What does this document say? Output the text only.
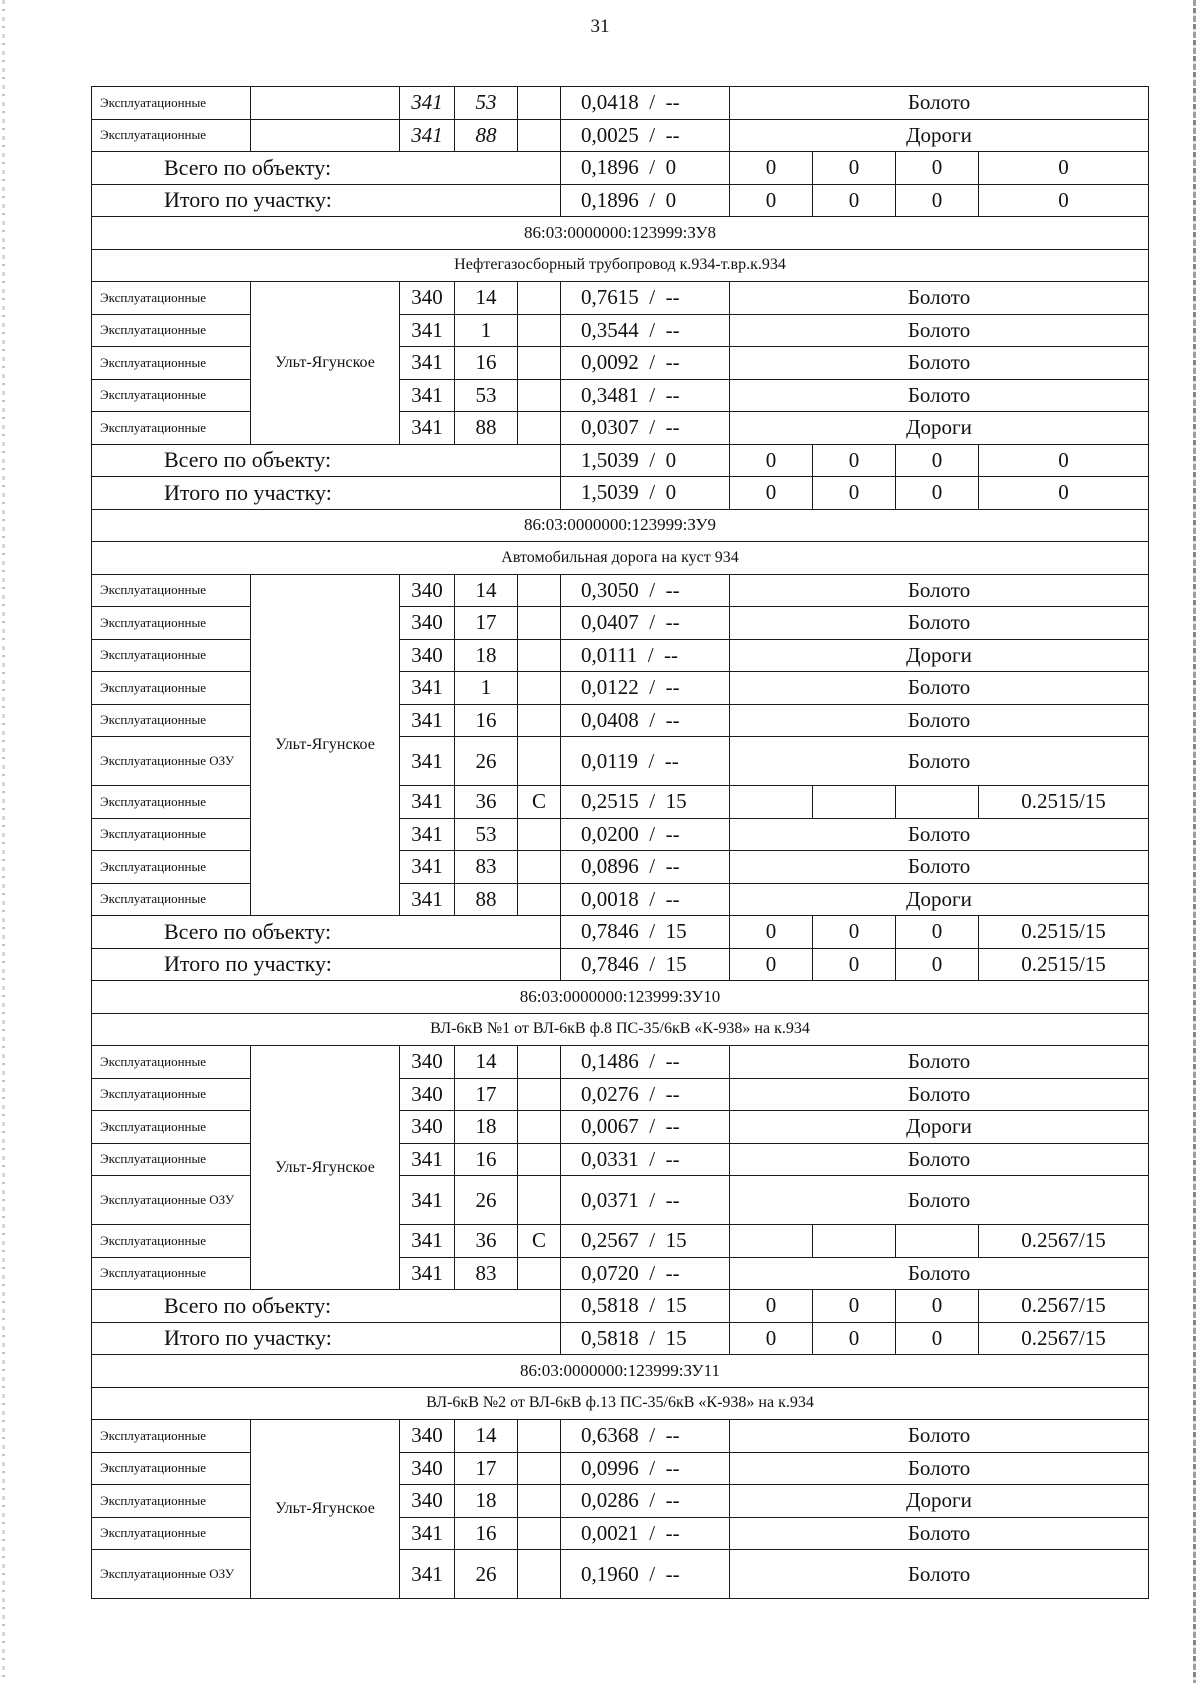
31
Эксплуатационные		341	53		0,0418  /  --	Болото			
Эксплуатационные		341	88		0,0025  /  --	Дороги			
Всего по объекту:					0,1896  /  0	0	0	0	0
Итого по участку:					0,1896  /  0	0	0	0	0
86:03:0000000:123999:ЗУ8									
Нефтегазосборный трубопровод к.934-т.вр.к.934									
Эксплуатационные	Ульт-Ягунское	340	14		0,7615  /  --	Болото			
Эксплуатационные		341	1		0,3544  /  --	Болото			
Эксплуатационные		341	16		0,0092  /  --	Болото			
Эксплуатационные		341	53		0,3481  /  --	Болото			
Эксплуатационные		341	88		0,0307  /  --	Дороги			
Всего по объекту:					1,5039  /  0	0	0	0	0
Итого по участку:					1,5039  /  0	0	0	0	0
86:03:0000000:123999:ЗУ9									
Автомобильная дорога на куст 934									
Эксплуатационные	Ульт-Ягунское	340	14		0,3050  /  --	Болото			
Эксплуатационные		340	17		0,0407  /  --	Болото			
Эксплуатационные		340	18		0,0111  /  --	Дороги			
Эксплуатационные		341	1		0,0122  /  --	Болото			
Эксплуатационные		341	16		0,0408  /  --	Болото			
Эксплуатационные ОЗУ		341	26		0,0119  /  --	Болото			
Эксплуатационные		341	36	С	0,2515  /  15				0.2515/15
Эксплуатационные		341	53		0,0200  /  --	Болото			
Эксплуатационные		341	83		0,0896  /  --	Болото			
Эксплуатационные		341	88		0,0018  /  --	Дороги			
Всего по объекту:					0,7846  /  15	0	0	0	0.2515/15
Итого по участку:					0,7846  /  15	0	0	0	0.2515/15
86:03:0000000:123999:ЗУ10									
ВЛ-6кВ №1 от ВЛ-6кВ ф.8 ПС-35/6кВ «К-938» на к.934									
Эксплуатационные	Ульт-Ягунское	340	14		0,1486  /  --	Болото			
Эксплуатационные		340	17		0,0276  /  --	Болото			
Эксплуатационные		340	18		0,0067  /  --	Дороги			
Эксплуатационные		341	16		0,0331  /  --	Болото			
Эксплуатационные ОЗУ		341	26		0,0371  /  --	Болото			
Эксплуатационные		341	36	С	0,2567  /  15				0.2567/15
Эксплуатационные		341	83		0,0720  /  --	Болото			
Всего по объекту:					0,5818  /  15	0	0	0	0.2567/15
Итого по участку:					0,5818  /  15	0	0	0	0.2567/15
86:03:0000000:123999:ЗУ11									
ВЛ-6кВ №2 от ВЛ-6кВ ф.13 ПС-35/6кВ «К-938» на к.934									
Эксплуатационные	Ульт-Ягунское	340	14		0,6368  /  --	Болото			
Эксплуатационные		340	17		0,0996  /  --	Болото			
Эксплуатационные		340	18		0,0286  /  --	Дороги			
Эксплуатационные		341	16		0,0021  /  --	Болото			
Эксплуатационные ОЗУ		341	26		0,1960  /  --	Болото			
